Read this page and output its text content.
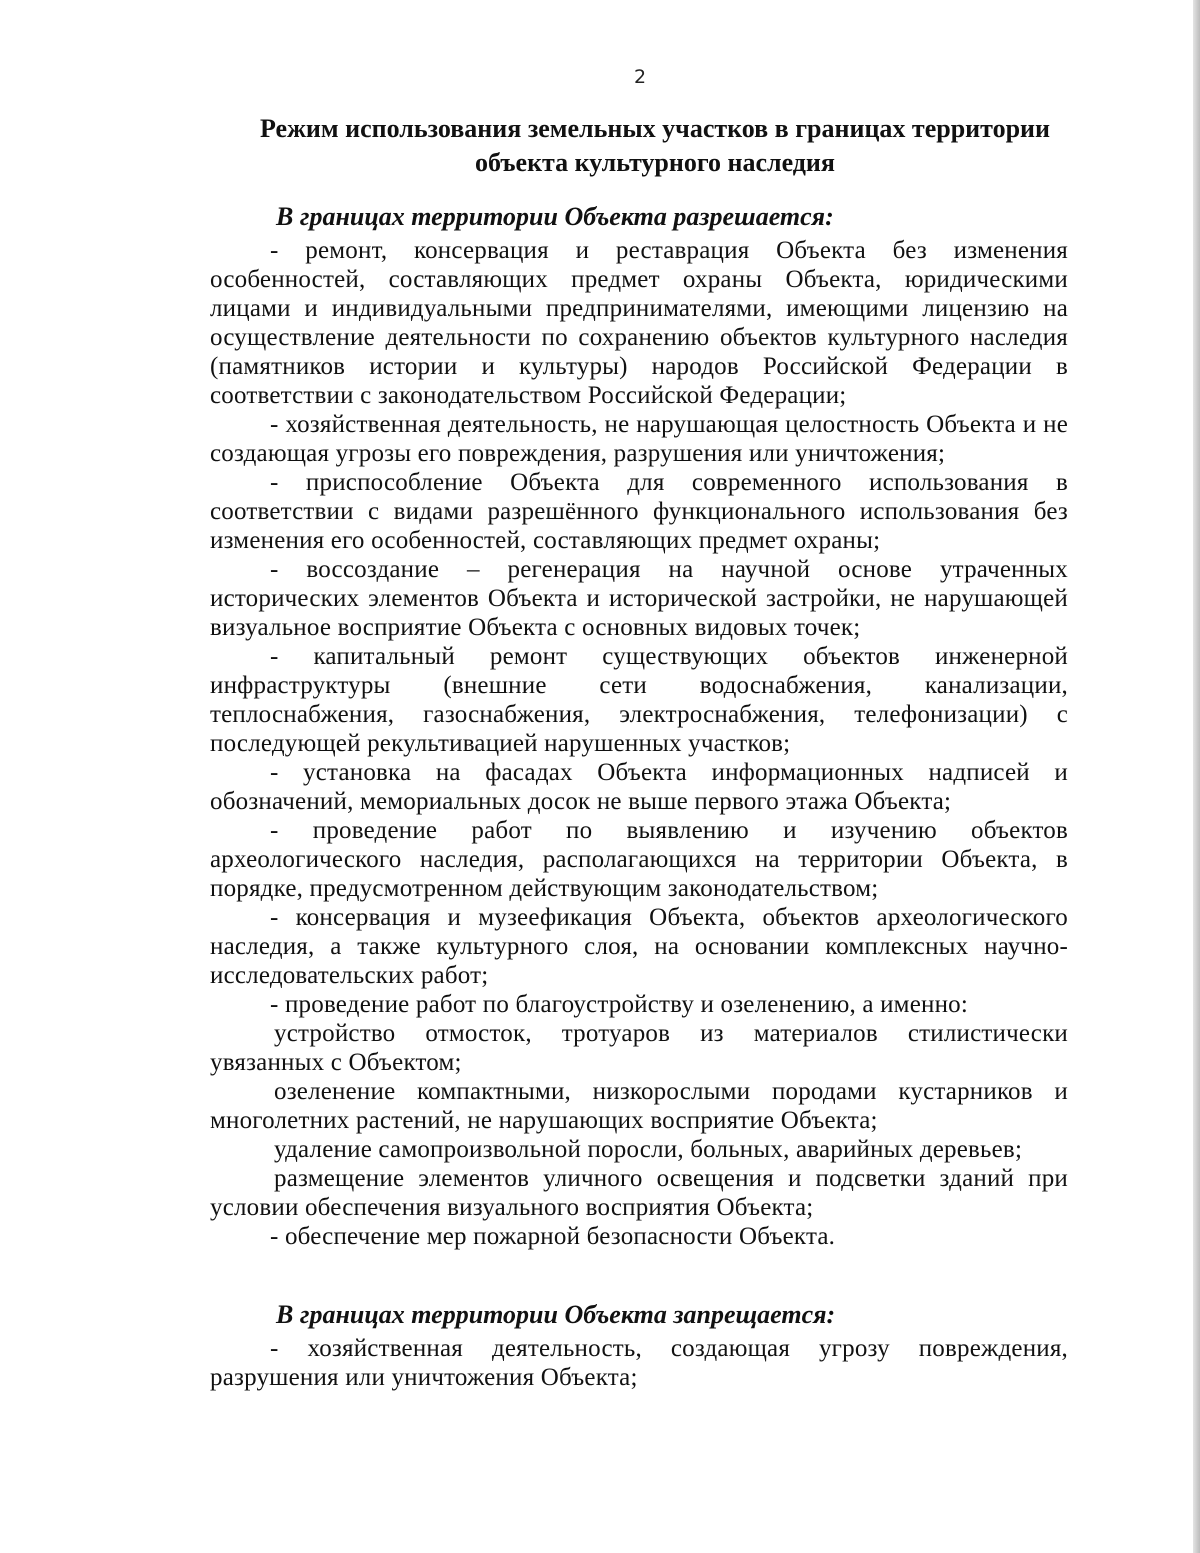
2
Режим использования земельных участков в границах территории объекта культурного наследия
В границах территории Объекта разрешается:

- ремонт, консервация и реставрация Объекта без изменения особенностей, составляющих предмет охраны Объекта, юридическими лицами и индивидуальными предпринимателями, имеющими лицензию на осуществление деятельности по сохранению объектов культурного наследия (памятников истории и культуры) народов Российской Федерации в соответствии с законодательством Российской Федерации;

- хозяйственная деятельность, не нарушающая целостность Объекта и не создающая угрозы его повреждения, разрушения или уничтожения;

- приспособление Объекта для современного использования в соответствии с видами разрешённого функционального использования без изменения его особенностей, составляющих предмет охраны;

- воссоздание – регенерация на научной основе утраченных исторических элементов Объекта и исторической застройки, не нарушающей визуальное восприятие Объекта с основных видовых точек;

- капитальный ремонт существующих объектов инженерной инфраструктуры (внешние сети водоснабжения, канализации, теплоснабжения, газоснабжения, электроснабжения, телефонизации) с последующей рекультивацией нарушенных участков;

- установка на фасадах Объекта информационных надписей и обозначений, мемориальных досок не выше первого этажа Объекта;

- проведение работ по выявлению и изучению объектов археологического наследия, располагающихся на территории Объекта, в порядке, предусмотренном действующим законодательством;

- консервация и музеефикация Объекта, объектов археологического наследия, а также культурного слоя, на основании комплексных научно-исследовательских работ;

- проведение работ по благоустройству и озеленению, а именно:

устройство отмосток, тротуаров из материалов стилистически увязанных с Объектом;

озеленение компактными, низкорослыми породами кустарников и многолетних растений, не нарушающих восприятие Объекта;

удаление самопроизвольной поросли, больных, аварийных деревьев;

размещение элементов уличного освещения и подсветки зданий при условии обеспечения визуального восприятия Объекта;

- обеспечение мер пожарной безопасности Объекта.

В границах территории Объекта запрещается:

- хозяйственная деятельность, создающая угрозу повреждения, разрушения или уничтожения Объекта;
